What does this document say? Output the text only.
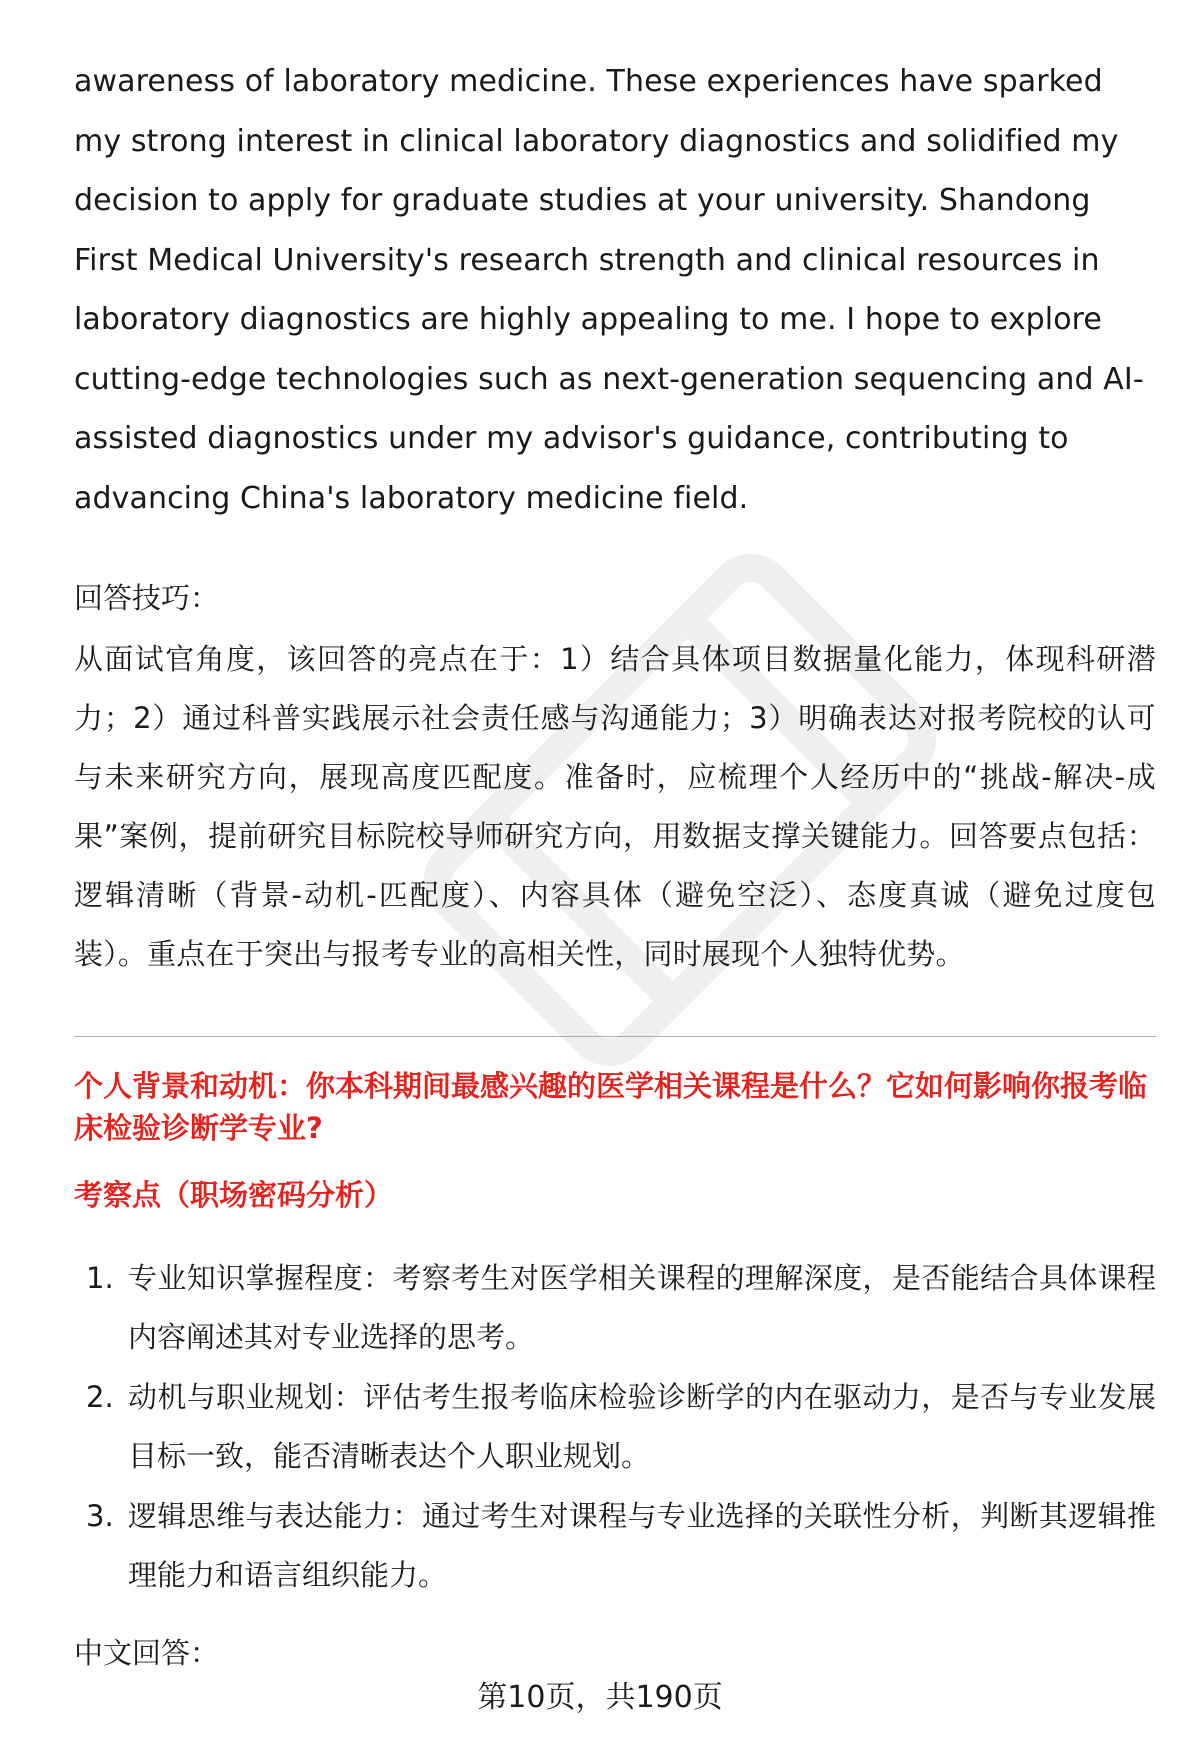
awareness of laboratory medicine. These experiences have sparked my strong interest in clinical laboratory diagnostics and solidified my decision to apply for graduate studies at your university. Shandong First Medical University's research strength and clinical resources in laboratory diagnostics are highly appealing to me. I hope to explore cutting-edge technologies such as next-generation sequencing and AI-assisted diagnostics under my advisor's guidance, contributing to advancing China's laboratory medicine field.

回答技巧：

从面试官角度，该回答的亮点在于：1）结合具体项目数据量化能力，体现科研潜力；2）通过科普实践展示社会责任感与沟通能力；3）明确表达对报考院校的认可与未来研究方向，展现高度匹配度。准备时，应梳理个人经历中的“挑战-解决-成果”案例，提前研究目标院校导师研究方向，用数据支撑关键能力。回答要点包括：逻辑清晰（背景-动机-匹配度）、内容具体（避免空泛）、态度真诚（避免过度包装）。重点在于突出与报考专业的高相关性，同时展现个人独特优势。

个人背景和动机：你本科期间最感兴趣的医学相关课程是什么？它如何影响你报考临床检验诊断学专业?

考察点（职场密码分析）

1. 专业知识掌握程度：考察考生对医学相关课程的理解深度，是否能结合具体课程内容阐述其对专业选择的思考。
2. 动机与职业规划：评估考生报考临床检验诊断学的内在驱动力，是否与专业发展目标一致，能否清晰表达个人职业规划。
3. 逻辑思维与表达能力：通过考生对课程与专业选择的关联性分析，判断其逻辑推理能力和语言组织能力。

中文回答：

第10页，共190页
